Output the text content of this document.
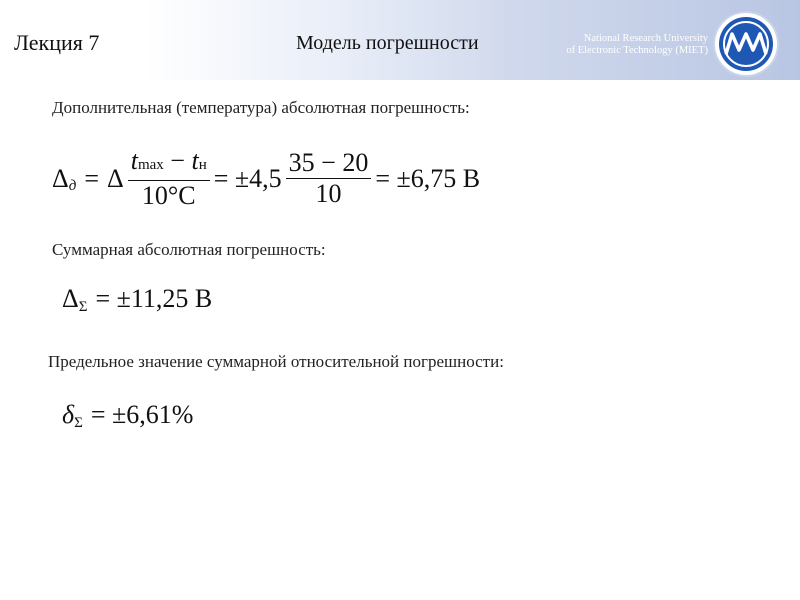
Лекция 7	Модель погрешности	National Research University
of Electronic Technology (MIET)
Дополнительная (температура) абсолютная погрешность:
Δ д = Δ $\frac{tmax - tн}{10^\circ C} = \pm 4,5 \frac{35 - 20}{10} = \pm 6,75$ В
Суммарная абсолютная погрешность:
Δ Σ = ±11,25 В
Предельное значение суммарной относительной погрешности:
δ Σ = ±6,61%
